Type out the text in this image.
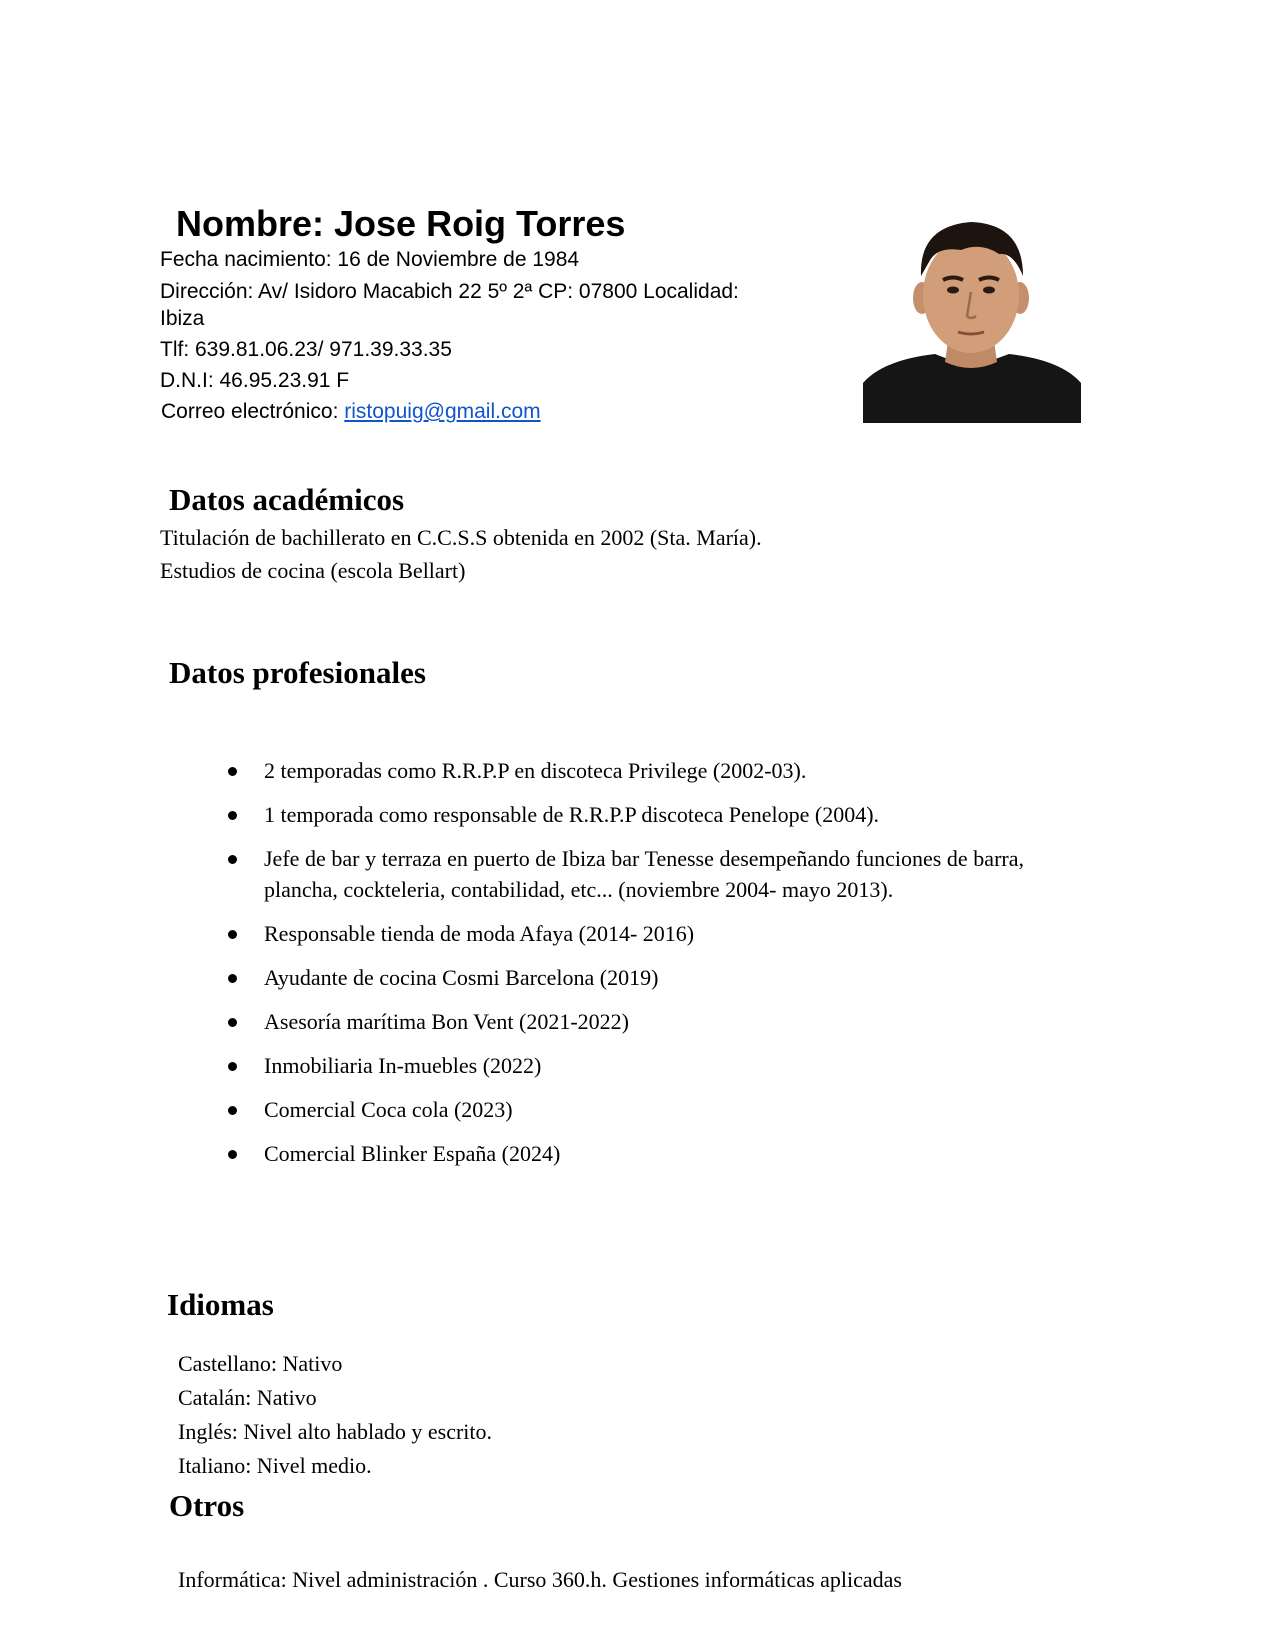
Nombre: Jose Roig Torres
Fecha nacimiento: 16 de Noviembre de 1984
Dirección: Av/ Isidoro Macabich 22 5º 2ª CP: 07800 Localidad:
Ibiza
Tlf: 639.81.06.23/ 971.39.33.35
D.N.I: 46.95.23.91 F
Correo electrónico: ristopuig@gmail.com
Datos académicos
Titulación de bachillerato en C.C.S.S obtenida en 2002 (Sta. María).
Estudios de cocina (escola Bellart)
Datos profesionales
2 temporadas como R.R.P.P en discoteca Privilege (2002-03).
1 temporada como responsable de R.R.P.P discoteca Penelope (2004).
Jefe de bar y terraza en puerto de Ibiza bar Tenesse desempeñando funciones de barra, plancha, cockteleria, contabilidad, etc... (noviembre 2004- mayo 2013).
Responsable tienda de moda Afaya (2014- 2016)
Ayudante de cocina Cosmi Barcelona (2019)
Asesoría marítima Bon Vent (2021-2022)
Inmobiliaria In-muebles (2022)
Comercial Coca cola (2023)
Comercial Blinker España (2024)
Idiomas
Castellano: Nativo
Catalán: Nativo
Inglés: Nivel alto hablado y escrito.
Italiano: Nivel medio.
Otros
Informática: Nivel administración . Curso 360.h. Gestiones informáticas aplicadas
